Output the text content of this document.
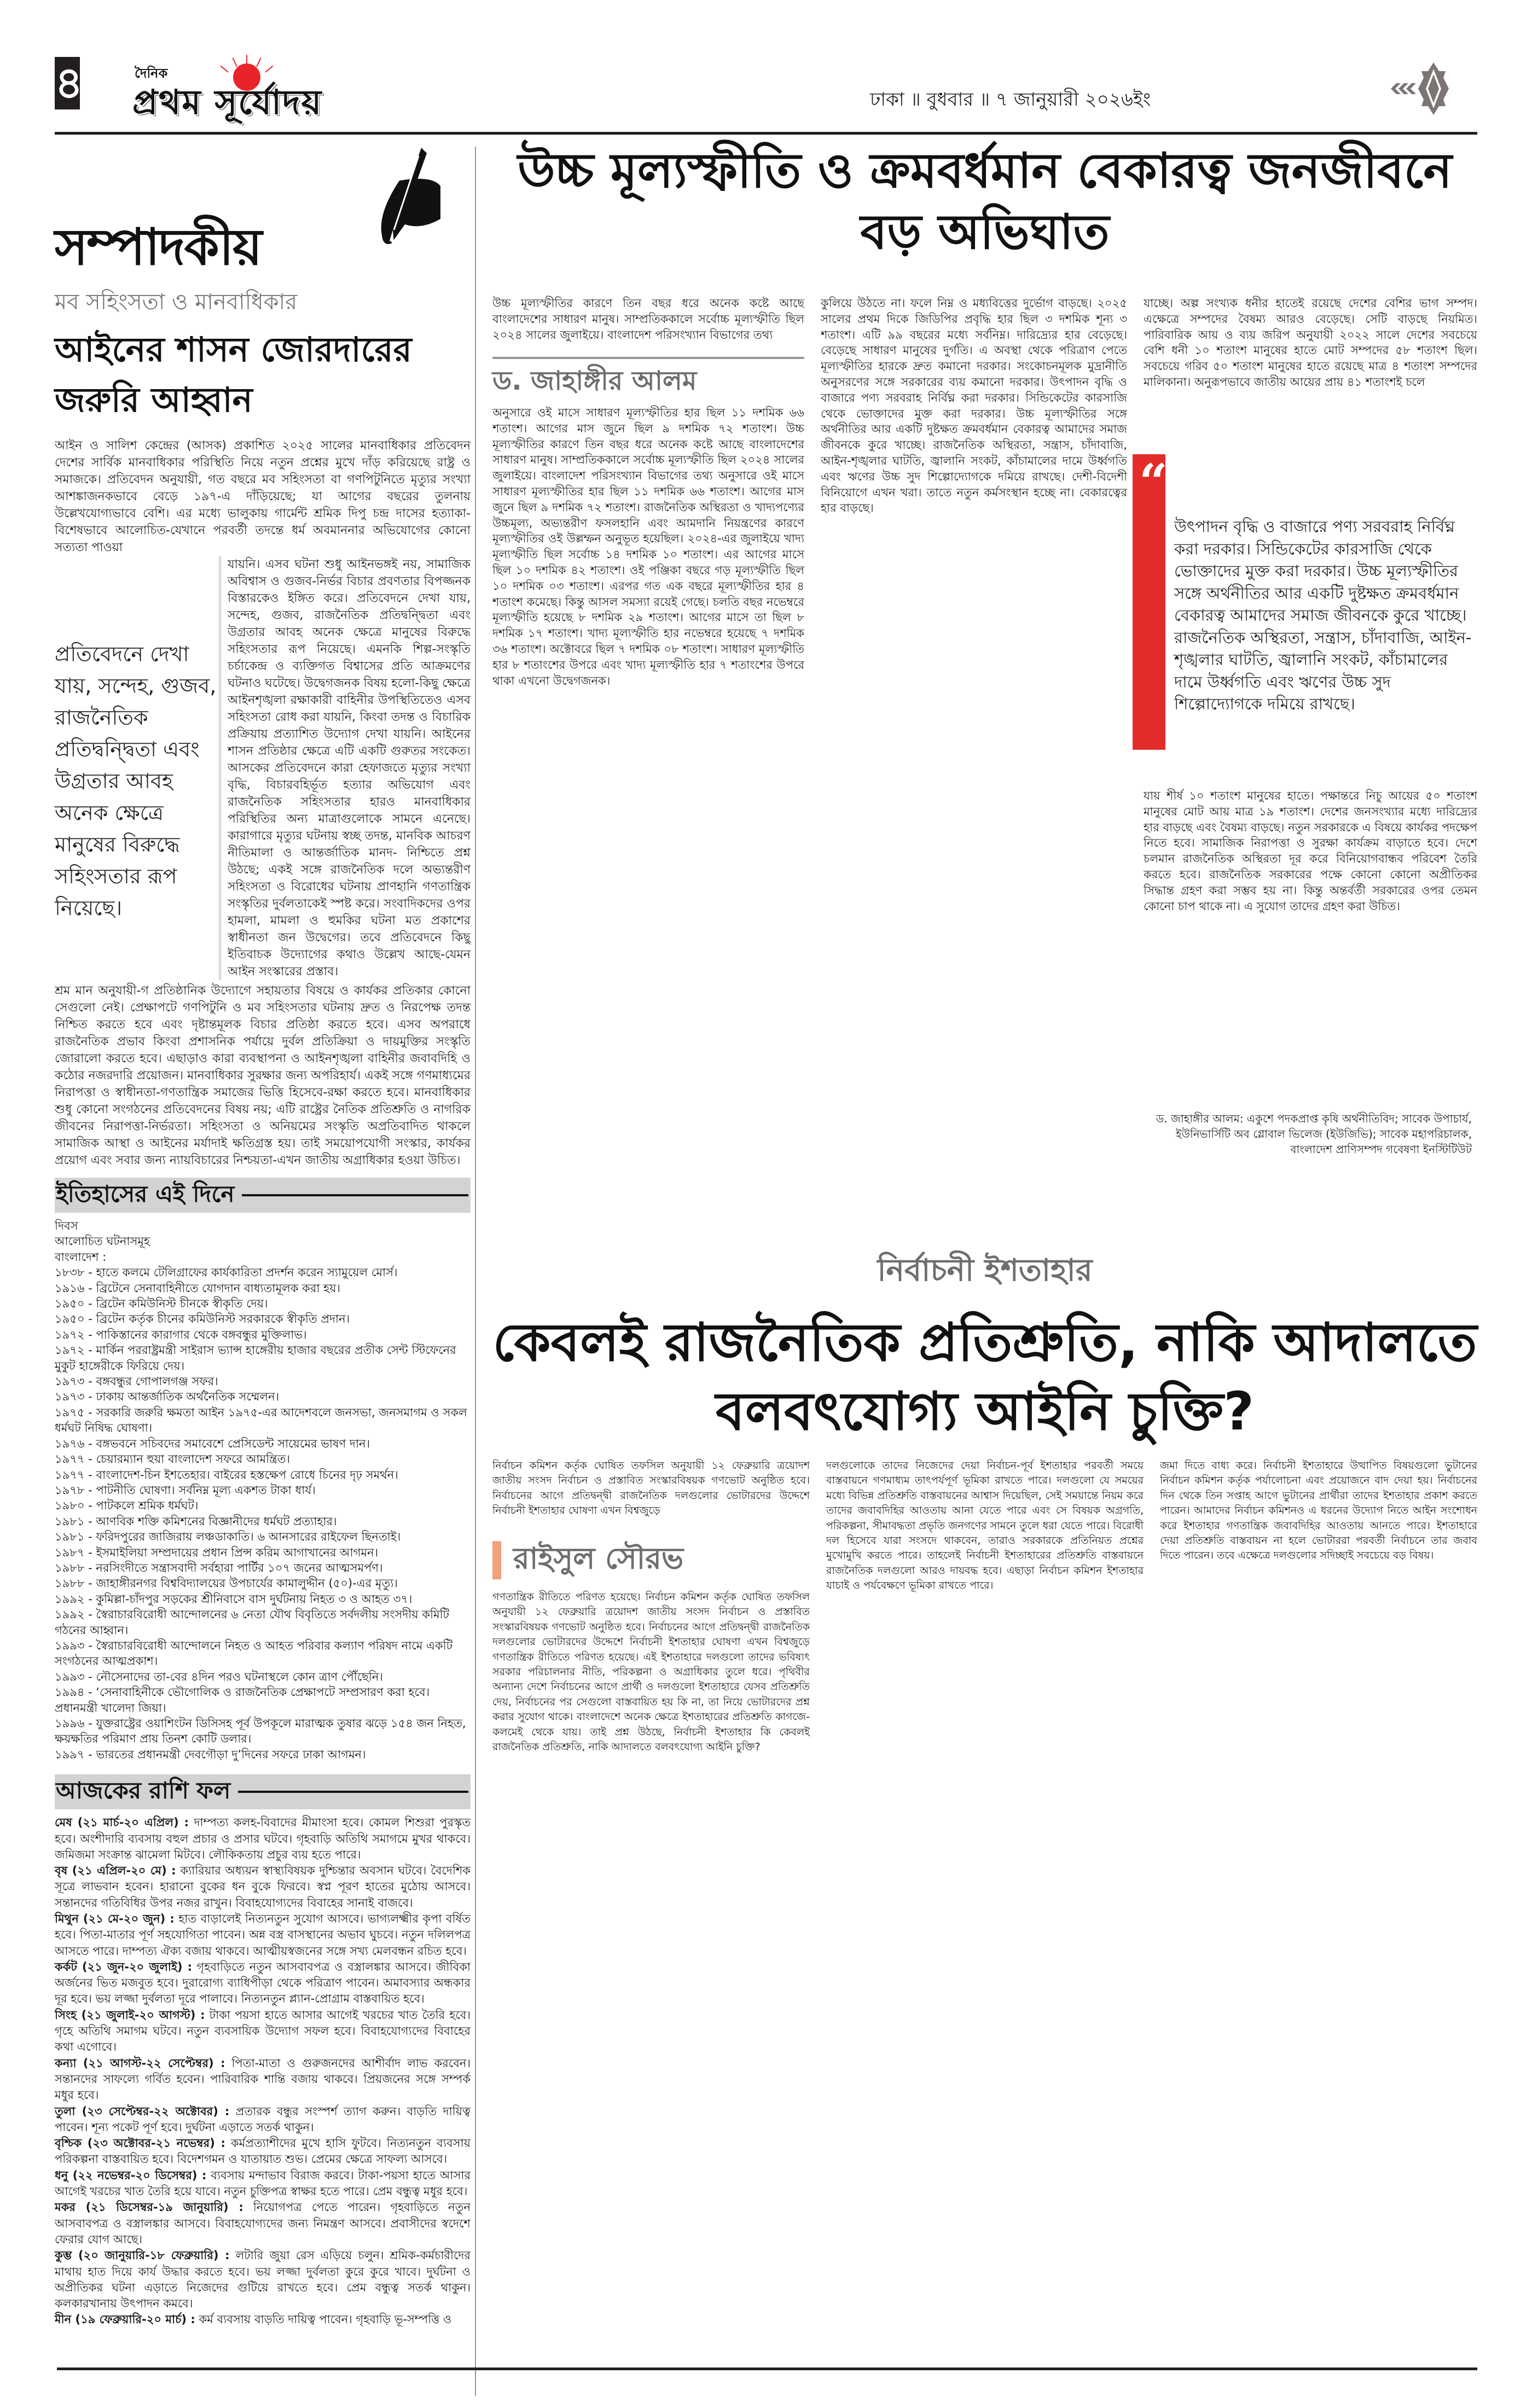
৪	দৈনিক
প্রথম সূর্যোদয়	ঢাকা ॥ বুধবার ॥ ৭ জানুয়ারী ২০২৬ইং
সম্পাদকীয়
মব সহিংসতা ও মানবাধিকার
আইনের শাসন জোরদারের জরুরি আহ্বান

আইন ও সালিশ কেন্দ্রের (আসক) প্রকাশিত ২০২৫ সালের মানবাধিকার প্রতিবেদন দেশের সার্বিক মানবাধিকার পরিস্থিতি নিয়ে নতুন প্রশ্নের মুখে দাঁড় করিয়েছে রাষ্ট্র ও সমাজকে। প্রতিবেদন অনুযায়ী, গত বছরে মব সহিংসতা বা গণপিটুনিতে মৃত্যুর সংখ্যা আশঙ্কাজনকভাবে বেড়ে ১৯৭-এ দাঁড়িয়েছে; যা আগের বছরের তুলনায় উল্লেখযোগ্যভাবে বেশি। এর মধ্যে ভালুকায় গার্মেন্ট শ্রমিক দিপু চন্দ্র দাসের হত্যাকা- বিশেষভাবে আলোচিত-যেখানে পরবর্তী তদন্তে ধর্ম অবমাননার অভিযোগের কোনো সত্যতা পাওয়া

প্রতিবেদনে দেখা যায়, সন্দেহ, গুজব, রাজনৈতিক প্রতিদ্বন্দ্বিতা এবং উগ্রতার আবহ অনেক ক্ষেত্রে মানুষের বিরুদ্ধে সহিংসতার রূপ নিয়েছে।

যায়নি। এসব ঘটনা শুধু আইনভঙ্গই নয়, সামাজিক অবিশ্বাস ও গুজব-নির্ভর বিচার প্রবণতার বিপজ্জনক বিস্তারকেও ইঙ্গিত করে। প্রতিবেদনে দেখা যায়, সন্দেহ, গুজব, রাজনৈতিক প্রতিদ্বন্দ্বিতা এবং উগ্রতার আবহ অনেক ক্ষেত্রে মানুষের বিরুদ্ধে সহিংসতার রূপ নিয়েছে। এমনকি শিল্প-সংস্কৃতি চর্চাকেন্দ্র ও ব্যক্তিগত বিশ্বাসের প্রতি আক্রমণের ঘটনাও ঘটেছে। উদ্বেগজনক বিষয় হলো-কিছু ক্ষেত্রে আইনশৃঙ্খলা রক্ষাকারী বাহিনীর উপস্থিতিতেও এসব সহিংসতা রোধ করা যায়নি, কিংবা তদন্ত ও বিচারিক প্রক্রিয়ায় প্রত্যাশিত উদ্যোগ দেখা যায়নি। আইনের শাসন প্রতিষ্ঠার ক্ষেত্রে এটি একটি গুরুতর সংকেত। আসকের প্রতিবেদনে কারা হেফাজতে মৃত্যুর সংখ্যা বৃদ্ধি, বিচারবহির্ভূত হত্যার অভিযোগ এবং রাজনৈতিক সহিংসতার হারও মানবাধিকার পরিস্থিতির অন্য মাত্রাগুলোকে সামনে এনেছে। কারাগারে মৃত্যুর ঘটনায় স্বচ্ছ তদন্ত, মানবিক আচরণ নীতিমালা ও আন্তর্জাতিক মানদ- নিশ্চিতে প্রশ্ন উঠছে; একই সঙ্গে রাজনৈতিক দলে অভ্যন্তরীণ সহিংসতা ও বিরোধের ঘটনায় প্রাণহানি গণতান্ত্রিক সংস্কৃতির দুর্বলতাকেই স্পষ্ট করে। সংবাদিকদের ওপর হামলা, মামলা ও হুমকির ঘটনা মত প্রকাশের স্বাধীনতা জন উদ্বেগের। তবে প্রতিবেদনে কিছু ইতিবাচক উদ্যোগের কথাও উল্লেখ আছে-যেমন আইন সংস্কারের প্রস্তাব।

শ্রম মান অনুযায়ী-গ প্রতিষ্ঠানিক উদ্যোগে সহায়তার বিষয়ে ও কার্যকর প্রতিকার কোনো সেগুলো নেই। প্রেক্ষাপটে গণপিটুনি ও মব সহিংসতার ঘটনায় দ্রুত ও নিরপেক্ষ তদন্ত নিশ্চিত করতে হবে এবং দৃষ্টান্তমূলক বিচার প্রতিষ্ঠা করতে হবে। এসব অপরাধে রাজনৈতিক প্রভাব কিংবা প্রশাসনিক পর্যায়ে দুর্বল প্রতিক্রিয়া ও দায়মুক্তির সংস্কৃতি জোরালো করতে হবে। এছাড়াও কারা ব্যবস্থাপনা ও আইনশৃঙ্খলা বাহিনীর জবাবদিহি ও কঠোর নজরদারি প্রয়োজন। মানবাধিকার সুরক্ষার জন্য অপরিহার্য। একই সঙ্গে গণমাধ্যমের নিরাপত্তা ও স্বাধীনতা-গণতান্ত্রিক সমাজের ভিত্তি হিসেবে-রক্ষা করতে হবে। মানবাধিকার শুধু কোনো সংগঠনের প্রতিবেদনের বিষয় নয়; এটি রাষ্ট্রের নৈতিক প্রতিশ্রুতি ও নাগরিক জীবনের নিরাপত্তা-নির্ভরতা। সহিংসতা ও অনিয়মের সংস্কৃতি অপ্রতিবাদিত থাকলে সামাজিক আস্থা ও আইনের মর্যাদাই ক্ষতিগ্রস্ত হয়। তাই সময়োপযোগী সংস্কার, কার্যকর প্রয়োগ এবং সবার জন্য ন্যায়বিচারের নিশ্চয়তা-এখন জাতীয় অগ্রাধিকার হওয়া উচিত।

ইতিহাসের এই দিনে
দিবস
আলোচিত ঘটনাসমূহ
বাংলাদেশ :
১৮৩৮ - হাতে কলমে টেলিগ্রাফের কার্যকারিতা প্রদর্শন করেন স্যামুয়েল মোর্স।
১৯১৬ - ব্রিটেনে সেনাবাহিনীতে যোগদান বাধ্যতামূলক করা হয়।
১৯৫০ - ব্রিটেন কমিউনিস্ট চীনকে স্বীকৃতি দেয়।
১৯৫০ - ব্রিটেন কর্তৃক চীনের কমিউনিস্ট সরকারকে স্বীকৃতি প্রদান।
১৯৭২ - পাকিস্তানের কারাগার থেকে বঙ্গবন্ধুর মুক্তিলাভ।
১৯৭২ - মার্কিন পররাষ্ট্রমন্ত্রী সাইরাস ভ্যান্স হাঙ্গেরীয় হাজার বছরের প্রতীক সেন্ট স্টিফেনের মুকুট হাঙ্গেরীকে ফিরিয়ে দেয়।
১৯৭৩ - বঙ্গবন্ধুর গোপালগঞ্জ সফর।
১৯৭৩ - ঢাকায় আন্তর্জাতিক অর্থনৈতিক সম্মেলন।
১৯৭৫ - সরকারি জরুরি ক্ষমতা আইন ১৯৭৫-এর আদেশবলে জনসভা, জনসমাগম ও সকল ধর্মঘট নিষিদ্ধ ঘোষণা।
১৯৭৬ - বঙ্গভবনে সচিবদের সমাবেশে প্রেসিডেন্ট সায়েমের ভাষণ দান।
১৯৭৭ - চেয়ারম্যান হুয়া বাংলাদেশ সফরে আমন্ত্রিত।
১৯৭৭ - বাংলাদেশ-চিন ইশতেহার। বাইরের হস্তক্ষেপ রোধে চিনের দৃঢ় সমর্থন।
১৯৭৮ - পাটনীতি ঘোষণা। সর্বনিম্ন মূল্য একশত টাকা ধার্য।
১৯৮০ - পাটকলে শ্রমিক ধর্মঘট।
১৯৮১ - আণবিক শক্তি কমিশনের বিজ্ঞানীদের ধর্মঘট প্রত্যাহার।
১৯৮১ - ফরিদপুরের জাজিরায় লঞ্চডাকাতি। ৬ আনসারের রাইফেল ছিনতাই।
১৯৮৭ - ইসমাইলিয়া সম্প্রদায়ের প্রধান প্রিন্স করিম আগাখানের আগমন।
১৯৮৮ - নরসিংদীতে সন্ত্রাসবাদী সর্বহারা পার্টির ১০৭ জনের আত্মসমর্পণ।
১৯৮৮ - জাহাঙ্গীরনগর বিশ্ববিদ্যালয়ের উপচার্যের কামালুদ্দীন (৫০)-এর মৃত্যু।
১৯৯২ - কুমিল্লা-চাঁদপুর সড়কের শ্রীনিবাসে বাস দুর্ঘটনায় নিহত ৩ ও আহত ৩৭।
১৯৯২ - স্বৈরাচারবিরোধী আন্দোলনের ৬ নেতা যৌথ বিবৃতিতে সর্বদলীয় সংসদীয় কমিটি গঠনের আহ্বান।
১৯৯৩ - স্বৈরাচারবিরোধী আন্দোলনে নিহত ও আহত পরিবার কল্যাণ পরিষদ নামে একটি সংগঠনের আত্মপ্রকাশ।
১৯৯৩ - নৌসেনাদের তা-বের ৪দিন পরও ঘটনাস্থলে কোন ত্রাণ পৌঁছেনি।
১৯৯৪ - ‘সেনাবাহিনীকে ভৌগোলিক ও রাজনৈতিক প্রেক্ষাপটে সম্প্রসারণ করা হবে। প্রধানমন্ত্রী খালেদা জিয়া।
১৯৯৬ - যুক্তরাষ্ট্রের ওয়াশিংটন ডিসিসহ পূর্ব উপকূলে মারাত্মক তুষার ঝড়ে ১৫৪ জন নিহত, ক্ষয়ক্ষতির পরিমাণ প্রায় তিনশ কোটি ডলার।
১৯৯৭ - ভারতের প্রধানমন্ত্রী দেবগৌড়া দু’দিনের সফরে ঢাকা আগমন।
আজকের রাশি ফল
মেষ (২১ মার্চ-২০ এপ্রিল) : দাম্পত্য কলহ-বিবাদের মীমাংসা হবে। কোমল শিশুরা পুরস্কৃত হবে। অংশীদারি ব্যবসায় বহুল প্রচার ও প্রসার ঘটবে। গৃহবাড়ি অতিথি সমাগমে মুখর থাকবে। জমিজমা সংক্রান্ত ঝামেলা মিটবে। লৌকিকতায় প্রচুর ব্যয় হতে পারে।
বৃষ (২১ এপ্রিল-২০ মে) : ক্যারিয়ার অধ্যয়ন স্বাস্থ্যবিষয়ক দুশ্চিন্তার অবসান ঘটবে। বৈদেশিক সূত্রে লাভবান হবেন। হারানো বুকের ধন বুকে ফিরবে। স্বপ্ন পূরণ হাতের মুঠোয় আসবে। সন্তানদের গতিবিধির উপর নজর রাখুন। বিবাহযোগ্যদের বিবাহের সানাই বাজবে।
মিথুন (২১ মে-২০ জুন) : হাত বাড়ালেই নিত্যনতুন সুযোগ আসবে। ভাগ্যলক্ষ্মীর কৃপা বর্ষিত হবে। পিতা-মাতার পূর্ণ সহযোগিতা পাবেন। অন্ন বস্ত্র বাসস্থানের অভাব ঘুচবে। নতুন দলিলপত্র আসতে পারে। দাম্পত্য ঐক্য বজায় থাকবে। আত্মীয়স্বজনের সঙ্গে সখ্য মেলবন্ধন রচিত হবে।
কর্কট (২১ জুন-২০ জুলাই) : গৃহবাড়িতে নতুন আসবাবপত্র ও বস্ত্রালঙ্কার আসবে। জীবিকা অর্জনের ভিত মজবুত হবে। দুরারোগ্য ব্যাধিপীড়া থেকে পরিত্রাণ পাবেন। অমাবস্যার অন্ধকার দূর হবে। ভয় লজ্জা দুর্বলতা দূরে পালাবে। নিত্যনতুন প্ল্যান-প্রোগ্রাম বাস্তবায়িত হবে।
সিংহ (২১ জুলাই-২০ আগস্ট) : টাকা পয়সা হাতে আসার আগেই খরচের খাত তৈরি হবে। গৃহে অতিথি সমাগম ঘটবে। নতুন ব্যবসায়িক উদ্যোগ সফল হবে। বিবাহযোগ্যদের বিবাহের কথা এগোবে।
কন্যা (২১ আগস্ট-২২ সেপ্টেম্বর) : পিতা-মাতা ও গুরুজনদের আশীর্বাদ লাভ করবেন। সন্তানদের সাফল্যে গর্বিত হবেন। পারিবারিক শান্তি বজায় থাকবে। প্রিয়জনের সঙ্গে সম্পর্ক মধুর হবে।
তুলা (২৩ সেপ্টেম্বর-২২ অক্টোবর) : প্রতারক বন্ধুর সংস্পর্শ ত্যাগ করুন। বাড়তি দায়িত্ব পাবেন। শূন্য পকেট পূর্ণ হবে। দুর্ঘটনা এড়াতে সতর্ক থাকুন।
বৃশ্চিক (২৩ অক্টোবর-২১ নভেম্বর) : কর্মপ্রত্যাশীদের মুখে হাসি ফুটবে। নিত্যনতুন ব্যবসায় পরিকল্পনা বাস্তবায়িত হবে। বিদেশগমন ও যাতায়াত শুভ। প্রেমের ক্ষেত্রে সাফল্য আসবে।
ধনু (২২ নভেম্বর-২০ ডিসেম্বর) : ব্যবসায় মন্দাভাব বিরাজ করবে। টাকা-পয়সা হাতে আসার আগেই খরচের খাত তৈরি হয়ে যাবে। নতুন চুক্তিপত্র স্বাক্ষর হতে পারে। প্রেম বন্ধুত্ব মধুর হবে।
মকর (২১ ডিসেম্বর-১৯ জানুয়ারি) : নিয়োগপত্র পেতে পারেন। গৃহবাড়িতে নতুন আসবাবপত্র ও বস্ত্রালঙ্কার আসবে। বিবাহযোগ্যদের জন্য নিমন্ত্রণ আসবে। প্রবাসীদের স্বদেশে ফেরার যোগ আছে।
কুম্ভ (২০ জানুয়ারি-১৮ ফেব্রুয়ারি) : লটারি জুয়া রেস এড়িয়ে চলুন। শ্রমিক-কর্মচারীদের মাথায় হাত দিয়ে কার্য উদ্ধার করতে হবে। ভয় লজ্জা দুর্বলতা কুরে কুরে খাবে। দুর্ঘটনা ও অপ্রীতিকর ঘটনা এড়াতে নিজেদের গুটিয়ে রাখতে হবে। প্রেম বন্ধুত্ব সতর্ক থাকুন। কলকারখানায় উৎপাদন কমবে।
মীন (১৯ ফেব্রুয়ারি-২০ মার্চ) : কর্ম ব্যবসায় বাড়তি দায়িত্ব পাবেন। গৃহবাড়ি ভূ-সম্পত্তি ও
উচ্চ মূল্যস্ফীতি ও ক্রমবর্ধমান বেকারত্ব জনজীবনে বড় অভিঘাত

উচ্চ মূল্যস্ফীতির কারণে তিন বছর ধরে অনেক কষ্টে আছে বাংলাদেশের সাধারণ মানুষ। সাম্প্রতিককালে সর্বোচ্চ মূল্যস্ফীতি ছিল ২০২৪ সালের জুলাইয়ে। বাংলাদেশ পরিসংখ্যান বিভাগের তথ্য

ড. জাহাঙ্গীর আলম

অনুসারে ওই মাসে সাধারণ মূল্যস্ফীতির হার ছিল ১১ দশমিক ৬৬ শতাংশ। আগের মাস জুনে ছিল ৯ দশমিক ৭২ শতাংশ। উচ্চ মূল্যস্ফীতির কারণে তিন বছর ধরে অনেক কষ্টে আছে বাংলাদেশের সাধারণ মানুষ। সাম্প্রতিককালে সর্বোচ্চ মূল্যস্ফীতি ছিল ২০২৪ সালের জুলাইয়ে। বাংলাদেশ পরিসংখ্যান বিভাগের তথ্য অনুসারে ওই মাসে সাধারণ মূল্যস্ফীতির হার ছিল ১১ দশমিক ৬৬ শতাংশ। আগের মাস জুনে ছিল ৯ দশমিক ৭২ শতাংশ। রাজনৈতিক অস্থিরতা ও খাদ্যপণ্যের উচ্চমূল্য, অভ্যন্তরীণ ফসলহানি এবং আমদানি নিয়ন্ত্রণের কারণে মূল্যস্ফীতির ওই উল্লম্ফন অনুভূত হয়েছিল। ২০২৪-এর জুলাইয়ে খাদ্য মূল্যস্ফীতি ছিল সর্বোচ্চ ১৪ দশমিক ১০ শতাংশ। এর আগের মাসে ছিল ১০ দশমিক ৪২ শতাংশ। ওই পঞ্জিকা বছরে গড় মূল্যস্ফীতি ছিল ১০ দশমিক ০৩ শতাংশ। এরপর গত এক বছরে মূল্যস্ফীতির হার ৪ শতাংশ কমেছে। কিন্তু আসল সমস্যা রয়েই গেছে। চলতি বছর নভেম্বরে মূল্যস্ফীতি হয়েছে ৮ দশমিক ২৯ শতাংশ। আগের মাসে তা ছিল ৮ দশমিক ১৭ শতাংশ। খাদ্য মূল্যস্ফীতি হার নভেম্বরে হয়েছে ৭ দশমিক ৩৬ শতাংশ। অক্টোবরে ছিল ৭ দশমিক ০৮ শতাংশ। সাধারণ মূল্যস্ফীতি হার ৮ শতাংশের উপরে এবং খাদ্য মূল্যস্ফীতি হার ৭ শতাংশের উপরে থাকা এখনো উদ্বেগজনক।

কুলিয়ে উঠতে না। ফলে নিম্ন ও মধ্যবিত্তের দুর্ভোগ বাড়ছে। ২০২৫ সালের প্রথম দিকে জিডিপির প্রবৃদ্ধি হার ছিল ৩ দশমিক শূন্য ৩ শতাংশ। এটি ৯৯ বছরের মধ্যে সর্বনিম্ন। দারিদ্র্যের হার বেড়েছে। বেড়েছে সাধারণ মানুষের দুর্গতি। এ অবস্থা থেকে পরিত্রাণ পেতে মূল্যস্ফীতির হারকে দ্রুত কমানো দরকার। সংকোচনমূলক মুদ্রানীতি অনুসরণের সঙ্গে সরকারের ব্যয় কমানো দরকার। উৎপাদন বৃদ্ধি ও বাজারে পণ্য সরবরাহ নির্বিঘ্ন করা দরকার। সিন্ডিকেটের কারসাজি থেকে ভোক্তাদের মুক্ত করা দরকার। উচ্চ মূল্যস্ফীতির সঙ্গে অর্থনীতির আর একটি দুষ্টক্ষত ক্রমবর্ধমান বেকারত্ব আমাদের সমাজ জীবনকে কুরে খাচ্ছে। রাজনৈতিক অস্থিরতা, সন্ত্রাস, চাঁদাবাজি, আইন-শৃঙ্খলার ঘাটতি, জ্বালানি সংকট, কাঁচামালের দামে উর্ধ্বগতি এবং ঋণের উচ্চ সুদ শিল্পোদ্যোগকে দমিয়ে রাখছে। দেশী-বিদেশী বিনিয়োগে এখন খরা। তাতে নতুন কর্মসংস্থান হচ্ছে না। বেকারত্বের হার বাড়ছে।

যাচ্ছে। অল্প সংখ্যক ধনীর হাতেই রয়েছে দেশের বেশির ভাগ সম্পদ। এক্ষেত্রে সম্পদের বৈষম্য আরও বেড়েছে। সেটি বাড়ছে নিয়মিত। পারিবারিক আয় ও ব্যয় জরিপ অনুযায়ী ২০২২ সালে দেশের সবচেয়ে বেশি ধনী ১০ শতাংশ মানুষের হাতে মোট সম্পদের ৫৮ শতাংশ ছিল। সবচেয়ে গরিব ৫০ শতাংশ মানুষের হাতে রয়েছে মাত্র ৪ শতাংশ সম্পদের মালিকানা। অনুরূপভাবে জাতীয় আয়ের প্রায় ৪১ শতাংশই চলে

“
উৎপাদন বৃদ্ধি ও বাজারে পণ্য সরবরাহ নির্বিঘ্ন করা দরকার। সিন্ডিকেটের কারসাজি থেকে ভোক্তাদের মুক্ত করা দরকার। উচ্চ মূল্যস্ফীতির সঙ্গে অর্থনীতির আর একটি দুষ্টক্ষত ক্রমবর্ধমান বেকারত্ব আমাদের সমাজ জীবনকে কুরে খাচ্ছে। রাজনৈতিক অস্থিরতা, সন্ত্রাস, চাঁদাবাজি, আইন-শৃঙ্খলার ঘাটতি, জ্বালানি সংকট, কাঁচামালের দামে উর্ধ্বগতি এবং ঋণের উচ্চ সুদ শিল্পোদ্যোগকে দমিয়ে রাখছে।

যায় শীর্ষ ১০ শতাংশ মানুষের হাতে। পক্ষান্তরে নিচু আয়ের ৫০ শতাংশ মানুষের মোট আয় মাত্র ১৯ শতাংশ। দেশের জনসংখ্যার মধ্যে দারিদ্র্যের হার বাড়ছে এবং বৈষম্য বাড়ছে। নতুন সরকারকে এ বিষয়ে কার্যকর পদক্ষেপ নিতে হবে। সামাজিক নিরাপত্তা ও সুরক্ষা কার্যক্রম বাড়াতে হবে। দেশে চলমান রাজনৈতিক অস্থিরতা দূর করে বিনিয়োগবান্ধব পরিবেশ তৈরি করতে হবে। রাজনৈতিক সরকারের পক্ষে কোনো কোনো অপ্রীতিকর সিদ্ধান্ত গ্রহণ করা সম্ভব হয় না। কিন্তু অন্তর্বর্তী সরকারের ওপর তেমন কোনো চাপ থাকে না। এ সুযোগ তাদের গ্রহণ করা উচিত।

ড. জাহাঙ্গীর আলম: একুশে পদকপ্রাপ্ত কৃষি অর্থনীতিবিদ; সাবেক উপাচার্য, ইউনিভার্সিটি অব গ্লোবাল ভিলেজ (ইউজিভি); সাবেক মহাপরিচালক, বাংলাদেশ প্রাণিসম্পদ গবেষণা ইনস্টিটিউট
নির্বাচনী ইশতাহার
কেবলই রাজনৈতিক প্রতিশ্রুতি, নাকি আদালতে বলবৎযোগ্য আইনি চুক্তি?

নির্বাচন কমিশন কর্তৃক ঘোষিত তফসিল অনুযায়ী ১২ ফেব্রুয়ারি ত্রয়োদশ জাতীয় সংসদ নির্বাচন ও প্রস্তাবিত সংস্কারবিষয়ক গণভোট অনুষ্ঠিত হবে। নির্বাচনের আগে প্রতিদ্বন্দ্বী রাজনৈতিক দলগুলোর ভোটারদের উদ্দেশে নির্বাচনী ইশতাহার ঘোষণা এখন বিশ্বজুড়ে

রাইসুল সৌরভ

গণতান্ত্রিক রীতিতে পরিণত হয়েছে। নির্বাচন কমিশন কর্তৃক ঘোষিত তফসিল অনুযায়ী ১২ ফেব্রুয়ারি ত্রয়োদশ জাতীয় সংসদ নির্বাচন ও প্রস্তাবিত সংস্কারবিষয়ক গণভোট অনুষ্ঠিত হবে। নির্বাচনের আগে প্রতিদ্বন্দ্বী রাজনৈতিক দলগুলোর ভোটারদের উদ্দেশে নির্বাচনী ইশতাহার ঘোষণা এখন বিশ্বজুড়ে গণতান্ত্রিক রীতিতে পরিণত হয়েছে। এই ইশতাহারে দলগুলো তাদের ভবিষ্যৎ সরকার পরিচালনার নীতি, পরিকল্পনা ও অগ্রাধিকার তুলে ধরে। পৃথিবীর অন্যান্য দেশে নির্বাচনের আগে প্রার্থী ও দলগুলো ইশতাহারে যেসব প্রতিশ্রুতি দেয়, নির্বাচনের পর সেগুলো বাস্তবায়িত হয় কি না, তা নিয়ে ভোটারদের প্রশ্ন করার সুযোগ থাকে। বাংলাদেশে অনেক ক্ষেত্রে ইশতাহারের প্রতিশ্রুতি কাগজে-কলমেই থেকে যায়। তাই প্রশ্ন উঠছে, নির্বাচনী ইশতাহার কি কেবলই রাজনৈতিক প্রতিশ্রুতি, নাকি আদালতে বলবৎযোগ্য আইনি চুক্তি?

দলগুলোকে তাদের নিজেদের দেয়া নির্বাচন-পূর্ব ইশতাহার পরবর্তী সময়ে বাস্তবায়নে গণমাধ্যম তাৎপর্যপূর্ণ ভূমিকা রাখতে পারে। দলগুলো যে সময়ের মধ্যে বিভিন্ন প্রতিশ্রুতি বাস্তবায়নের আশ্বাস দিয়েছিল, সেই সময়ান্তে নিয়ম করে তাদের জবাবদিহির আওতায় আনা যেতে পারে এবং সে বিষয়ক অগ্রগতি, পরিকল্পনা, সীমাবদ্ধতা প্রভৃতি জনগণের সামনে তুলে ধরা যেতে পারে। বিরোধী দল হিসেবে যারা সংসদে থাকবেন, তারাও সরকারকে প্রতিনিয়ত প্রশ্নের মুখোমুখি করতে পারে। তাহলেই নির্বাচনী ইশতাহারের প্রতিশ্রুতি বাস্তবায়নে রাজনৈতিক দলগুলো আরও দায়বদ্ধ হবে। এছাড়া নির্বাচন কমিশন ইশতাহার যাচাই ও পর্যবেক্ষণে ভূমিকা রাখতে পারে।

জমা দিতে বাধ্য করে। নির্বাচনী ইশতাহারে উত্থাপিত বিষয়গুলো ভুটানের নির্বাচন কমিশন কর্তৃক পর্যালোচনা এবং প্রয়োজনে বাদ দেয়া হয়। নির্বাচনের দিন থেকে তিন সপ্তাহ আগে ভুটানের প্রার্থীরা তাদের ইশতাহার প্রকাশ করতে পারেন। আমাদের নির্বাচন কমিশনও এ ধরনের উদ্যোগ নিতে আইন সংশোধন করে ইশতাহার গণতান্ত্রিক জবাবদিহির আওতায় আনতে পারে। ইশতাহারে দেয়া প্রতিশ্রুতি বাস্তবায়ন না হলে ভোটাররা পরবর্তী নির্বাচনে তার জবাব দিতে পারেন। তবে এক্ষেত্রে দলগুলোর সদিচ্ছাই সবচেয়ে বড় বিষয়।
